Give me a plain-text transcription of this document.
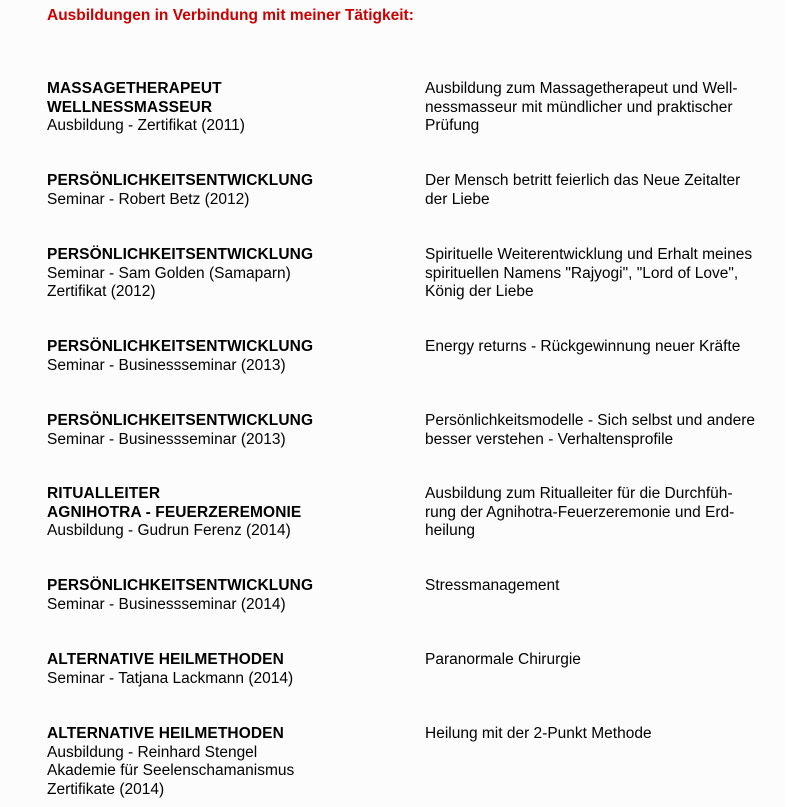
Ausbildungen in Verbindung mit meiner Tätigkeit:
MASSAGETHERAPEUT
WELLNESSMASSEUR
Ausbildung - Zertifikat (2011)
Ausbildung zum Massagetherapeut und Well-
nessmasseur mit mündlicher und praktischer
Prüfung
PERSÖNLICHKEITSENTWICKLUNG
Seminar - Robert Betz (2012)
Der Mensch betritt feierlich das Neue Zeitalter
der Liebe
PERSÖNLICHKEITSENTWICKLUNG
Seminar - Sam Golden (Samaparn)
Zertifikat (2012)
Spirituelle Weiterentwicklung und Erhalt meines
spirituellen Namens "Rajyogi", "Lord of Love",
König der Liebe
PERSÖNLICHKEITSENTWICKLUNG
Seminar - Businessseminar (2013)
Energy returns - Rückgewinnung neuer Kräfte
PERSÖNLICHKEITSENTWICKLUNG
Seminar - Businessseminar (2013)
Persönlichkeitsmodelle - Sich selbst und andere
besser verstehen - Verhaltensprofile
RITUALLEITER
AGNIHOTRA - FEUERZEREMONIE
Ausbildung - Gudrun Ferenz (2014)
Ausbildung zum Ritualleiter für die Durchfüh-
rung der Agnihotra-Feuerzeremonie und Erd-
heilung
PERSÖNLICHKEITSENTWICKLUNG
Seminar - Businessseminar (2014)
Stressmanagement
ALTERNATIVE HEILMETHODEN
Seminar - Tatjana Lackmann (2014)
Paranormale Chirurgie
ALTERNATIVE HEILMETHODEN
Ausbildung - Reinhard Stengel
Akademie für Seelenschamanismus
Zertifikate (2014)
Heilung mit der 2-Punkt Methode
